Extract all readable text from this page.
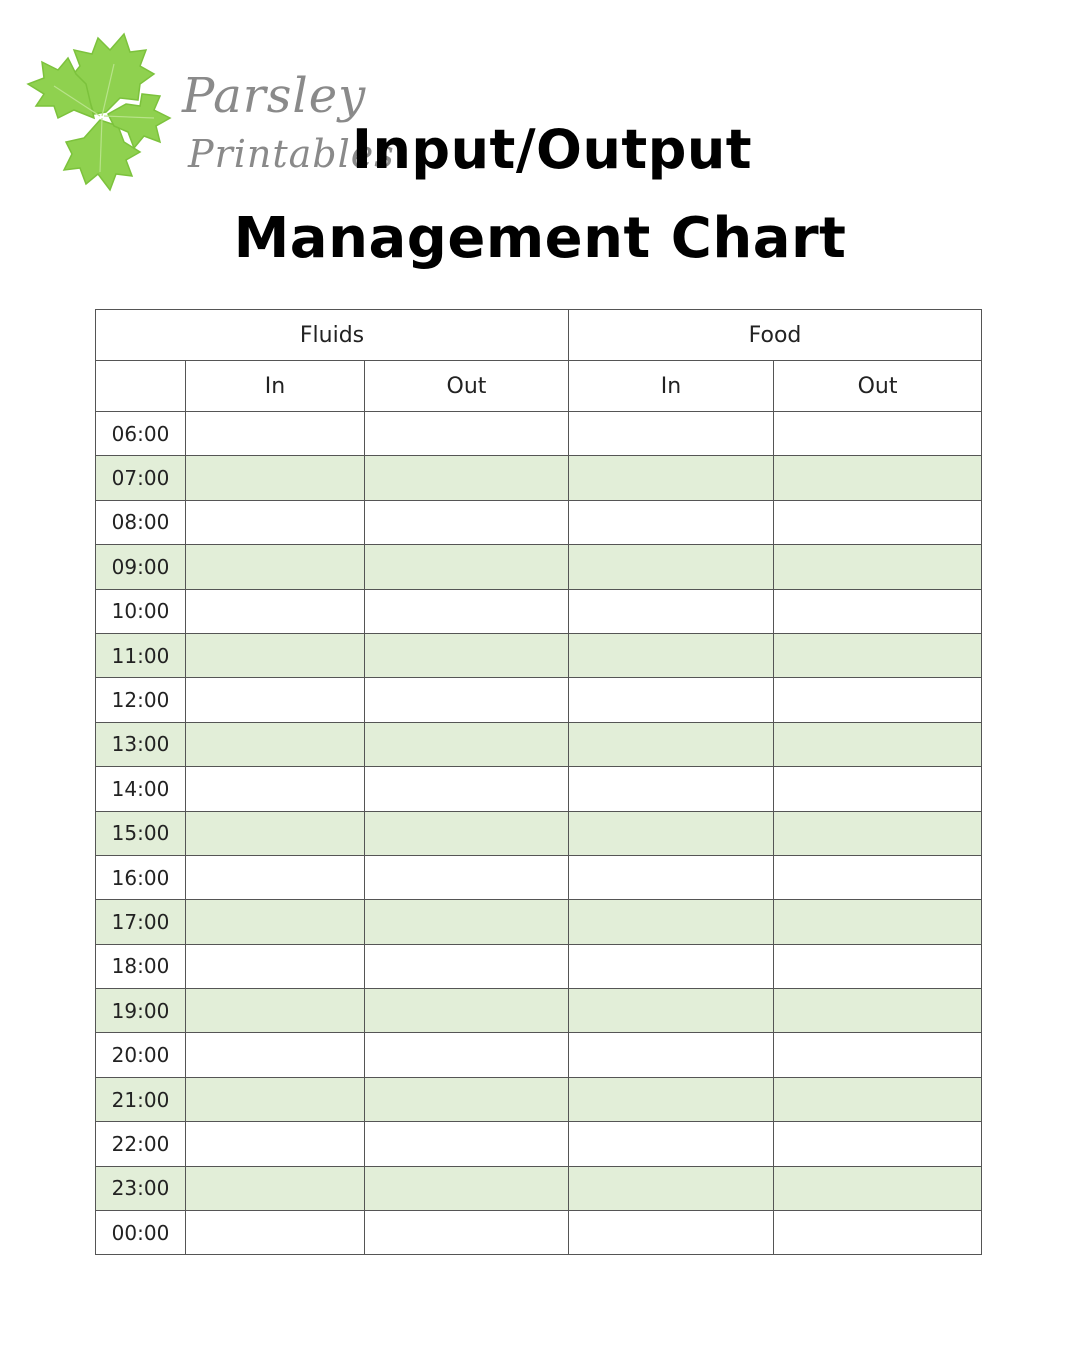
Parsley
Printables
Input/Output
Management Chart
Fluids			Food	
	In	Out	In	Out
06:00				
07:00				
08:00				
09:00				
10:00				
11:00				
12:00				
13:00				
14:00				
15:00				
16:00				
17:00				
18:00				
19:00				
20:00				
21:00				
22:00				
23:00				
00:00				
